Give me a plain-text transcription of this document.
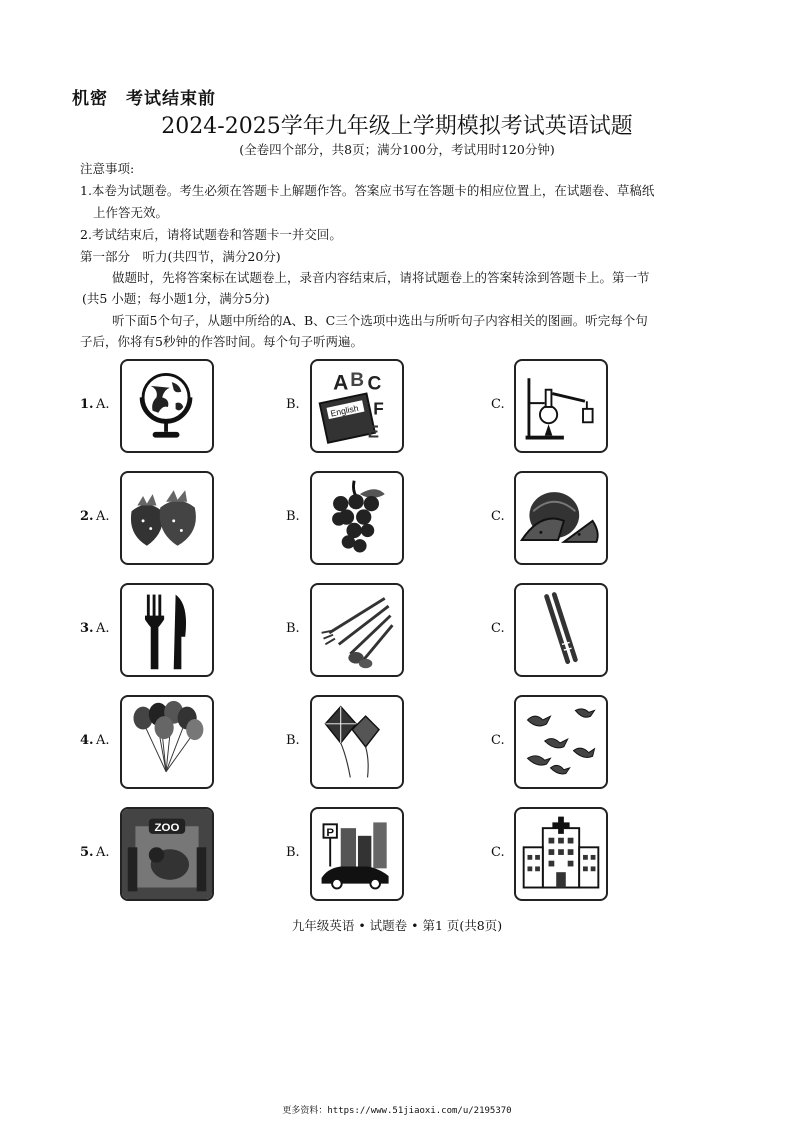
机密　考试结束前
2024-2025学年九年级上学期模拟考试英语试题
(全卷四个部分，共8页；满分100分，考试用时120分钟)
注意事项:
1.本卷为试题卷。考生必须在答题卡上解题作答。答案应书写在答题卡的相应位置上，在试题卷、草稿纸
上作答无效。
2.考试结束后，请将试题卷和答题卡一并交回。
第一部分　听力(共四节，满分20分)
做题时，先将答案标在试题卷上，录音内容结束后，请将试题卷上的答案转涂到答题卡上。第一节
(共5 小题；每小题1分，满分5分)
听下面5个句子，从题中所给的A、B、C三个选项中选出与所听句子内容相关的图画。听完每个句
子后，你将有5秒钟的作答时间。每个句子听两遍。
1. A.	B.
A B C
English F
E
C.
2. A.	B.	C.
3. A.	B.	C.
4. A.	B.	C.
5. A.
ZOO
B.
P
C.
九年级英语 • 试题卷 • 第1 页(共8页)
更多资料：https://www.51jiaoxi.com/u/2195370
